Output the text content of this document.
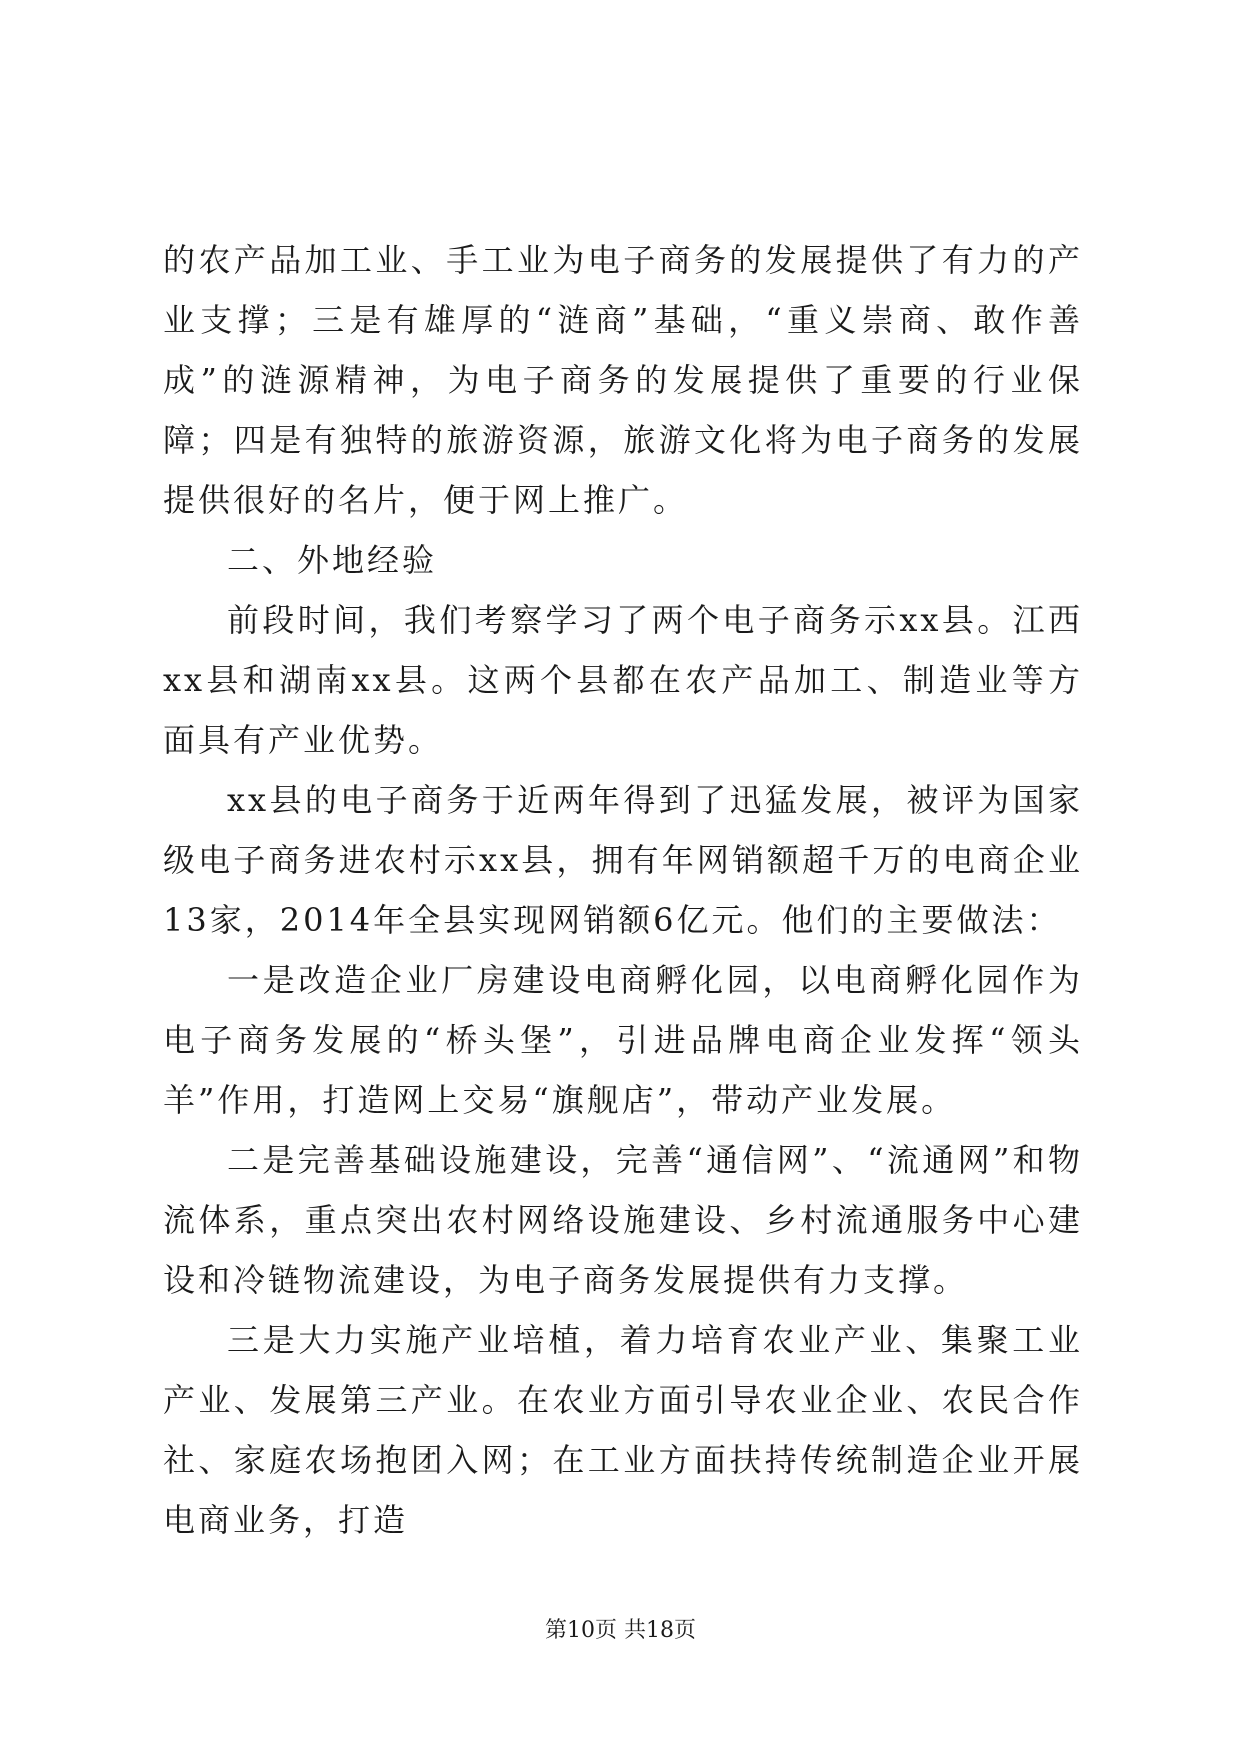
的农产品加工业、手工业为电子商务的发展提供了有力的产业支撑；三是有雄厚的“涟商”基础，“重义崇商、敢作善成”的涟源精神，为电子商务的发展提供了重要的行业保障；四是有独特的旅游资源，旅游文化将为电子商务的发展提供很好的名片，便于网上推广。

二、外地经验

前段时间，我们考察学习了两个电子商务示xx县。江西xx县和湖南xx县。这两个县都在农产品加工、制造业等方面具有产业优势。

xx县的电子商务于近两年得到了迅猛发展，被评为国家级电子商务进农村示xx县，拥有年网销额超千万的电商企业13家，2014年全县实现网销额6亿元。他们的主要做法：

一是改造企业厂房建设电商孵化园，以电商孵化园作为电子商务发展的“桥头堡”，引进品牌电商企业发挥“领头羊”作用，打造网上交易“旗舰店”，带动产业发展。

二是完善基础设施建设，完善“通信网”、“流通网”和物流体系，重点突出农村网络设施建设、乡村流通服务中心建设和冷链物流建设，为电子商务发展提供有力支撑。

三是大力实施产业培植，着力培育农业产业、集聚工业产业、发展第三产业。在农业方面引导农业企业、农民合作社、家庭农场抱团入网；在工业方面扶持传统制造企业开展电商业务，打造

第10页 共18页
